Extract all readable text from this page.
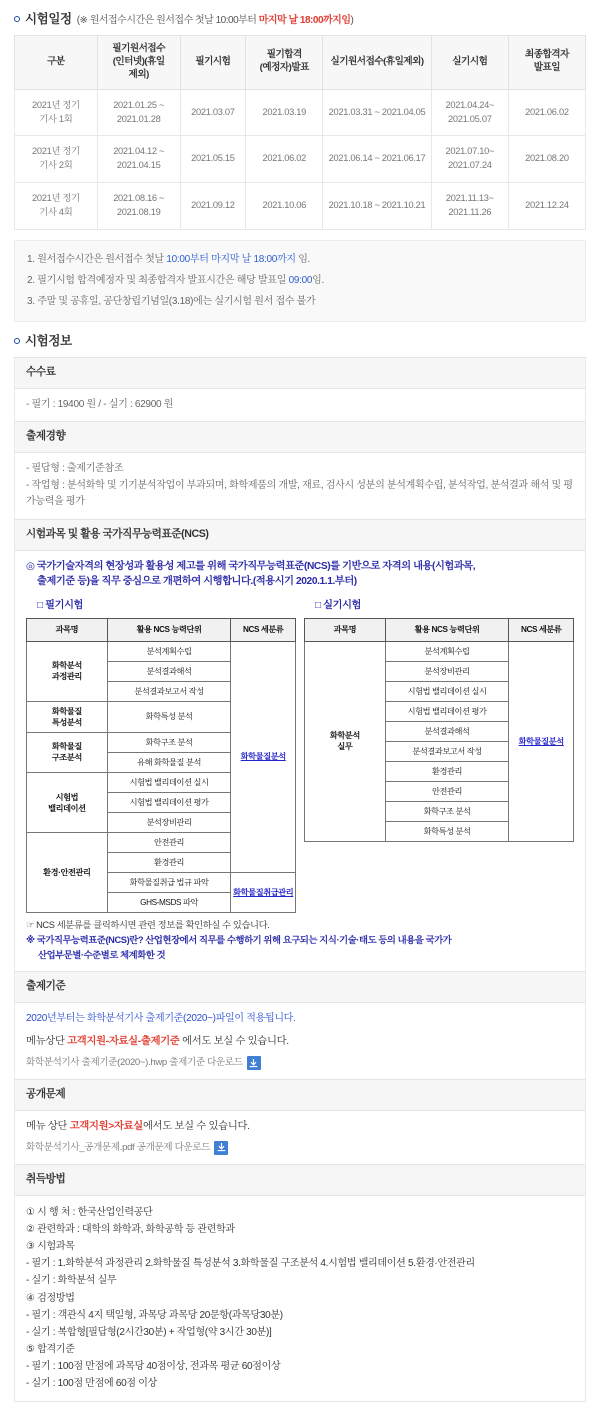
시험일정 (※ 원서접수시간은 원서접수 첫날 10:00부터 마지막 날 18:00까지임)
구분	필기원서접수
(인터넷)(휴일
제외)	필기시험	필기합격
(예정자)발표	실기원서접수(휴일제외)	실기시험	최종합격자
발표일
2021년 정기
기사 1회	2021.01.25 ~
2021.01.28	2021.03.07	2021.03.19	2021.03.31 ~ 2021.04.05	2021.04.24~
2021.05.07	2021.06.02
2021년 정기
기사 2회	2021.04.12 ~
2021.04.15	2021.05.15	2021.06.02	2021.06.14 ~ 2021.06.17	2021.07.10~
2021.07.24	2021.08.20
2021년 정기
기사 4회	2021.08.16 ~
2021.08.19	2021.09.12	2021.10.06	2021.10.18 ~ 2021.10.21	2021.11.13~
2021.11.26	2021.12.24
1. 원서접수시간은 원서접수 첫날 10:00부터 마지막 날 18:00까지 임.
2. 필기시험 합격예정자 및 최종합격자 발표시간은 해당 발표일 09:00임.
3. 주말 및 공휴일, 공단창립기념일(3.18)에는 실기시험 원서 접수 불가
시험정보
수수료

- 필기 : 19400 원 / - 실기 : 62900 원

출제경향

- 필답형 : 출제기준참조

- 작업형 : 분석화학 및 기기분석작업이 부과되며, 화학제품의 개발, 재료, 검사시 성분의 분석계획수립, 분석작업, 분석결과 해석 및 평가능력을 평가

시험과목 및 활용 국가직무능력표준(NCS)
◎ 국가기술자격의 현장성과 활용성 제고를 위해 국가직무능력표준(NCS)를 기반으로 자격의 내용(시험과목,
출제기준 등)을 직무 중심으로 개편하여 시행합니다.(적용시기 2020.1.1.부터)
□ 필기시험
과목명	활용 NCS 능력단위	NCS 세분류
화학분석
과정관리	분석계획수립	화학물질분석
	분석결과해석	
	분석결과보고서 작성	
화학물질
특성분석	화학특성 분석	
화학물질
구조분석	화학구조 분석	
	유해 화학물질 분석	
시험법
밸리데이션	시험법 밸리데이션 실시	
	시험법 밸리데이션 평가	
	분석장비관리	
환경·안전관리	안전관리	
	환경관리	
	화학물질취급 법규 파악	화학물질취급관리
	GHS-MSDS 파악	
□ 실기시험
과목명	활용 NCS 능력단위	NCS 세분류
화학분석
실무	분석계획수립	화학물질분석
	분석장비관리	
	시험법 밸리데이션 실시	
	시험법 밸리데이션 평가	
	분석결과해석	
	분석결과보고서 작성	
	환경관리	
	안전관리	
	화학구조 분석	
	화학특성 분석	
☞ NCS 세분류를 클릭하시면 관련 정보를 확인하실 수 있습니다.
※ 국가직무능력표준(NCS)란? 산업현장에서 직무를 수행하기 위해 요구되는 지식·기술·태도 등의 내용을 국가가
산업부문별·수준별로 체계화한 것
출제기준
2020년부터는 화학분석기사 출제기준(2020~)파일이 적용됩니다.
메뉴상단 고객지원-자료실-출제기준 에서도 보실 수 있습니다.
화학분석기사 출제기준(2020~).hwp 출제기준 다운로드
공개문제
메뉴 상단 고객지원>자료실에서도 보실 수 있습니다.
화학분석기사_공개문제.pdf 공개문제 다운로드
취득방법
① 시 행 처 : 한국산업인력공단
② 관련학과 : 대학의 화학과, 화학공학 등 관련학과
③ 시험과목
- 필기 : 1.화학분석 과정관리 2.화학물질 특성분석 3.화학물질 구조분석 4.시험법 밸리데이션 5.환경·안전관리
- 실기 : 화학분석 실무
④ 검정방법
- 필기 : 객관식 4지 택일형, 과목당 과목당 20문항(과목당30분)
- 실기 : 복합형[필답형(2시간30분) + 작업형(약 3시간 30분)]
⑤ 합격기준
- 필기 : 100점 만점에 과목당 40점이상, 전과목 평균 60점이상
- 실기 : 100점 만점에 60점 이상
